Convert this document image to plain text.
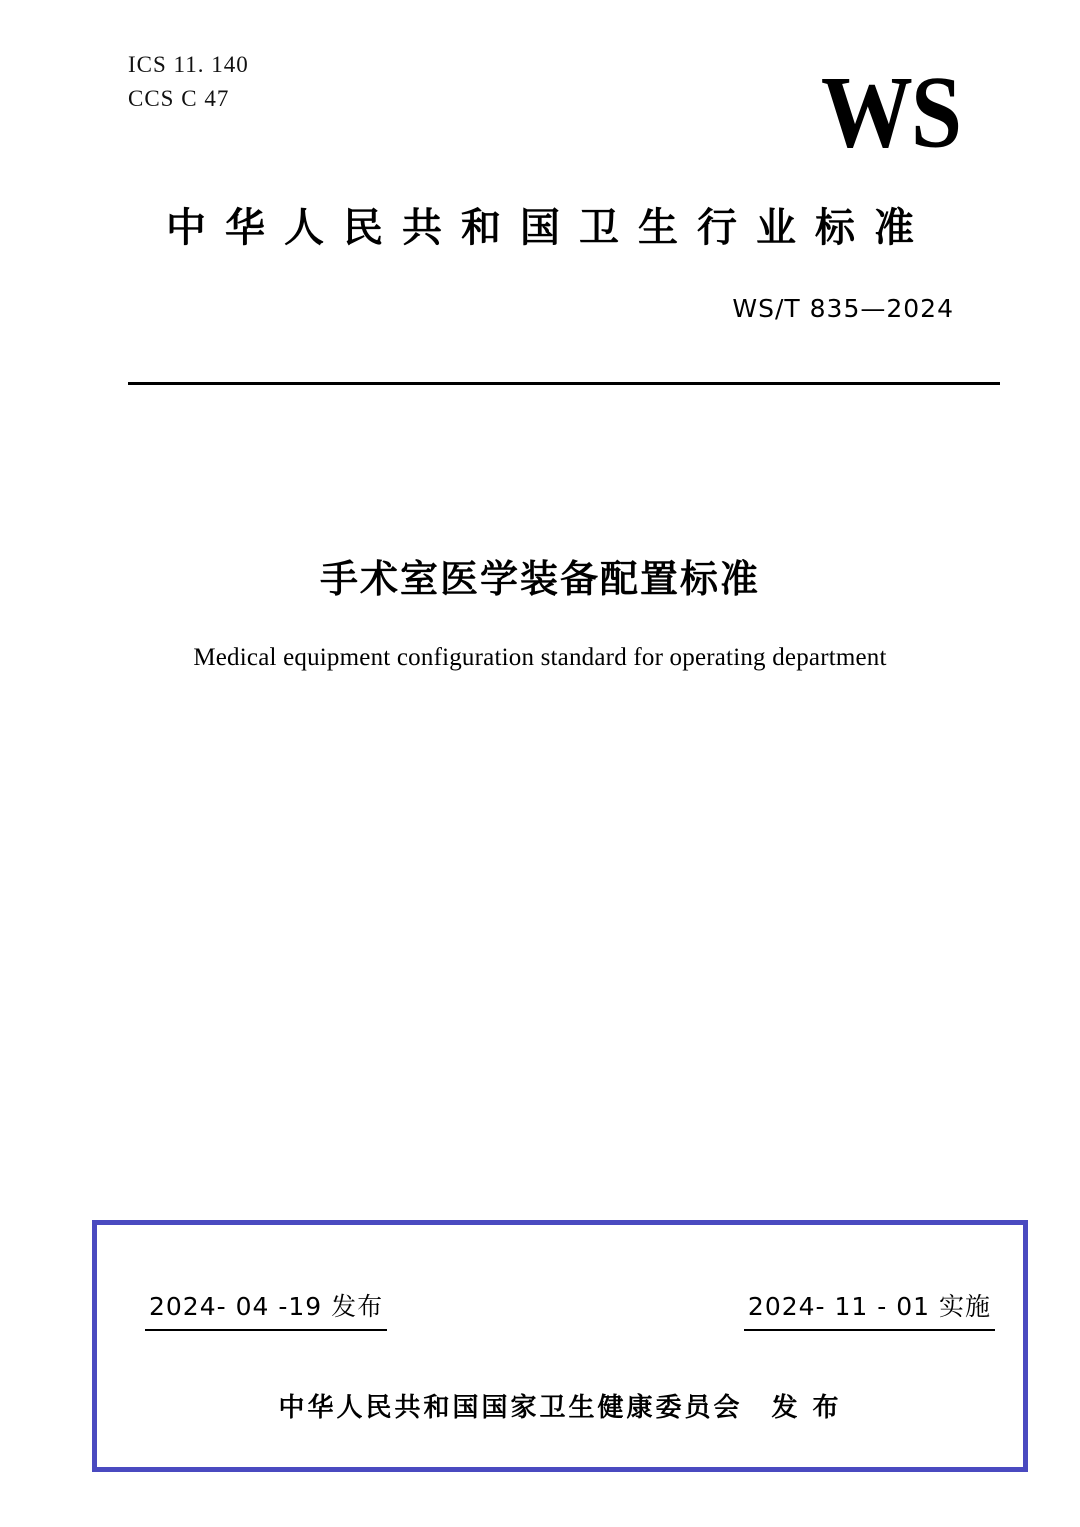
ICS 11. 140
CCS C 47	WS
中华人民共和国卫生行业标准
WS/T 835—2024
手术室医学装备配置标准
Medical equipment configuration standard for operating department
2024- 04 -19 发布	2024- 11 - 01 实施
中华人民共和国国家卫生健康委员会　发 布
